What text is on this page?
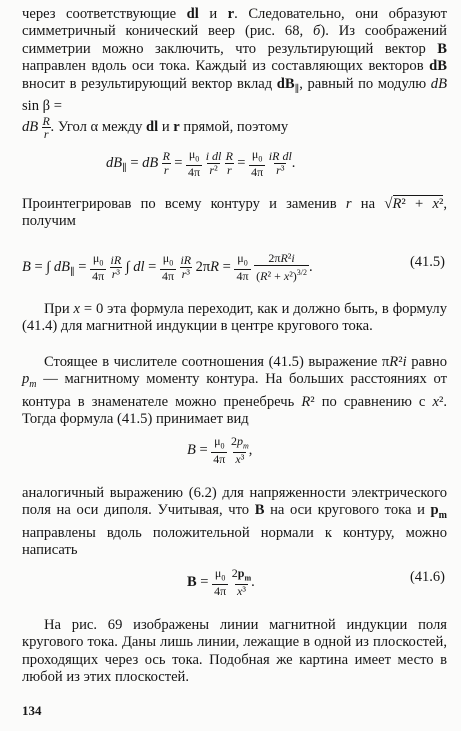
через соответствующие dl и r. Следовательно, они образуют симметричный конический веер (рис. 68, б). Из соображений симметрии можно заключить, что результирующий вектор B направлен вдоль оси тока. Каждый из составляющих векторов dB вносит в результирующий вектор вклад $dB_\parallel$, равный по модулю dB sin β =
dB $\frac{R}{r}$. Угол α между dl и r прямой, поэтому

$dB_\parallel$ = dB $\frac{R}{r} = \mu_0$
$4\pi \frac{\text{i dl}}{\text{r²}} \frac{R}{r} = \mu_0$
$4\pi \frac{\text{iR dl}}{\text{r³}}$.

Проинтегрировав по всему контуру и заменив r на √R² + x², получим

B = ∫ $dB_\parallel = \mu_0$
$4\pi \frac{iR}{\text{r³}}$ ∫ dl = $\mu_0$
$4\pi \frac{iR}{\text{r³}} 2\pi R = \mu_0$
4π 2πR²i
$(R^2 + x^2)^{3/2}$ .	(41.5)

При x = 0 эта формула переходит, как и должно быть, в формулу (41.4) для магнитной индукции в центре кругового тока.

Стоящее в числителе соотношения (41.5) выражение πR²i равно $p_m$ — магнитному моменту контура. На больших расстояниях от контура в знаменателе можно пренебречь R² по сравнению с x². Тогда формула (41.5) принимает вид

$B = \mu_0$
4π $2p_m$
x³,

аналогичный выражению (6.2) для напряженности электрического поля на оси диполя. Учитывая, что B на оси кругового тока и $p_m$ направлены вдоль положительной нормали к контуру, можно написать

$B = \mu_0$
4π $2p_m$
x³.	(41.6)

На рис. 69 изображены линии магнитной индукции поля кругового тока. Даны лишь линии, лежащие в одной из плоскостей, проходящих через ось тока. Подобная же картина имеет место в любой из этих плоскостей.

134
